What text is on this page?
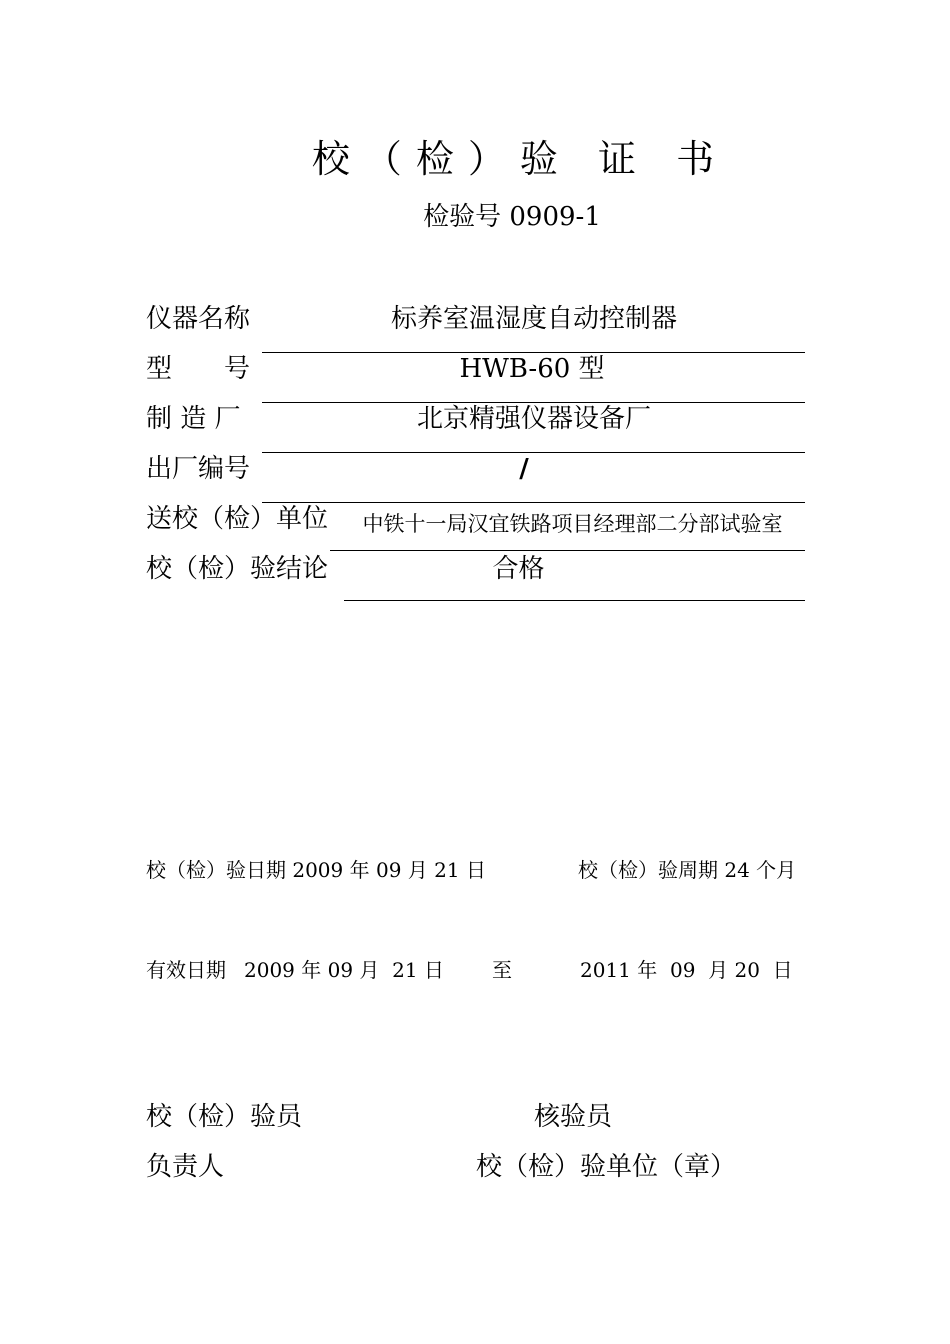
校（检）验 证 书
检验号 0909-1
仪器名称	标养室温湿度自动控制器
型　　号	HWB-60 型
制 造 厂	北京精强仪器设备厂
出厂编号	/
送校（检）单位	中铁十一局汉宜铁路项目经理部二分部试验室
校（检）验结论	合格
校（检）验日期 2009 年 09 月 21 日	校（检）验周期 24 个月
有效日期 2009 年 09 月  21 日 至	2011 年  09  月 20  日
校（检）验员	核验员
负责人	校（检）验单位（章）
